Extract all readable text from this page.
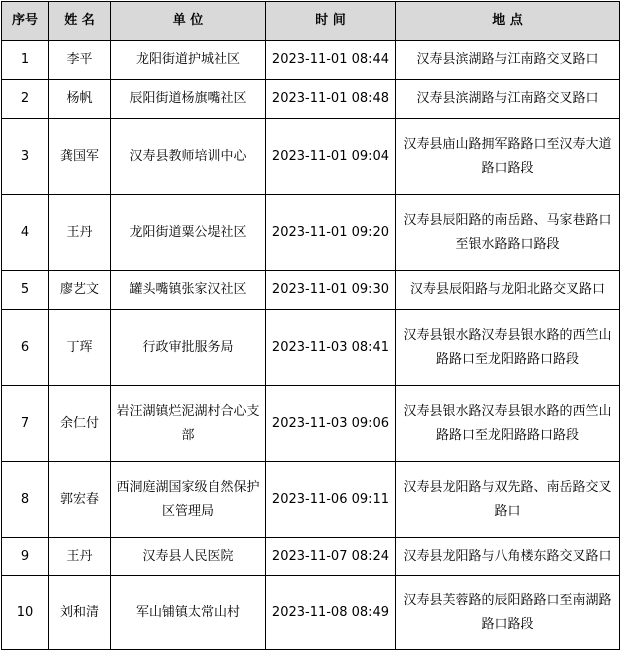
序号	姓 名	单 位	时 间	地 点
1	李平	龙阳街道护城社区	2023-11-01 08:44	汉寿县滨湖路与江南路交叉路口
2	杨帆	辰阳街道杨旗嘴社区	2023-11-01 08:48	汉寿县滨湖路与江南路交叉路口
3	龚国军	汉寿县教师培训中心	2023-11-01 09:04	汉寿县庙山路拥军路路口至汉寿大道路口路段
4	王丹	龙阳街道粟公堤社区	2023-11-01 09:20	汉寿县辰阳路的南岳路、马家巷路口至银水路路口路段
5	廖艺文	罐头嘴镇张家汉社区	2023-11-01 09:30	汉寿县辰阳路与龙阳北路交叉路口
6	丁珲	行政审批服务局	2023-11-03 08:41	汉寿县银水路汉寿县银水路的西竺山路路口至龙阳路路口路段
7	余仁付	岩汪湖镇烂泥湖村合心支部	2023-11-03 09:06	汉寿县银水路汉寿县银水路的西竺山路路口至龙阳路路口路段
8	郭宏春	西洞庭湖国家级自然保护区管理局	2023-11-06 09:11	汉寿县龙阳路与双先路、南岳路交叉路口
9	王丹	汉寿县人民医院	2023-11-07 08:24	汉寿县龙阳路与八角楼东路交叉路口
10	刘和清	军山铺镇太常山村	2023-11-08 08:49	汉寿县芙蓉路的辰阳路路口至南湖路路口路段
